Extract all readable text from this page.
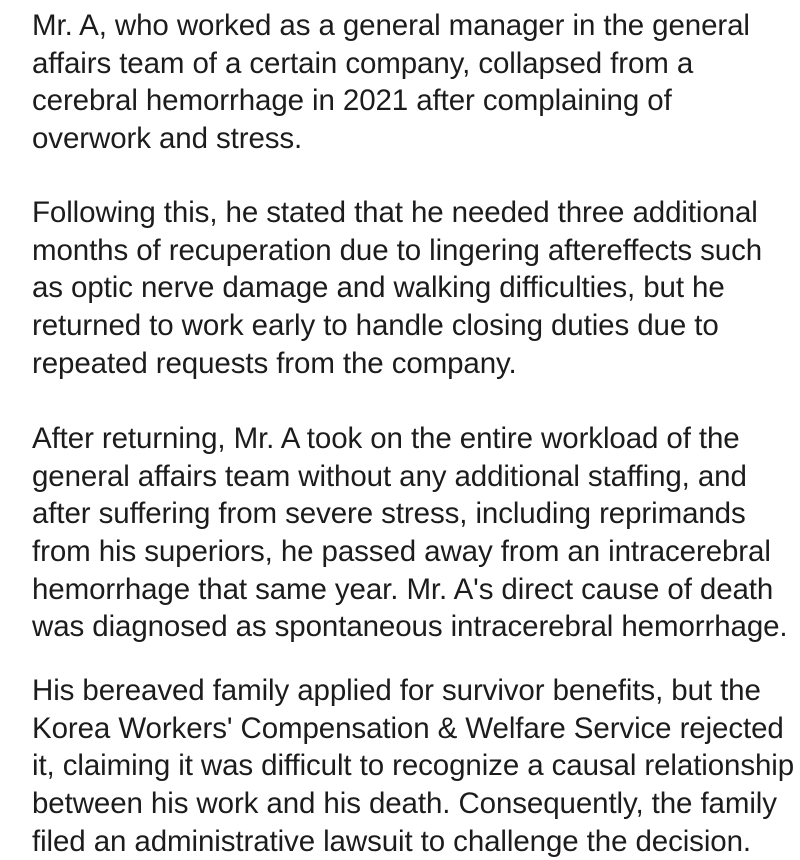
Mr. A, who worked as a general manager in the general
affairs team of a certain company, collapsed from a
cerebral hemorrhage in 2021 after complaining of
overwork and stress.
Following this, he stated that he needed three additional
months of recuperation due to lingering aftereffects such
as optic nerve damage and walking difficulties, but he
returned to work early to handle closing duties due to
repeated requests from the company.
After returning, Mr. A took on the entire workload of the
general affairs team without any additional staffing, and
after suffering from severe stress, including reprimands
from his superiors, he passed away from an intracerebral
hemorrhage that same year. Mr. A's direct cause of death
was diagnosed as spontaneous intracerebral hemorrhage.
His bereaved family applied for survivor benefits, but the
Korea Workers' Compensation & Welfare Service rejected
it, claiming it was difficult to recognize a causal relationship
between his work and his death. Consequently, the family
filed an administrative lawsuit to challenge the decision.
